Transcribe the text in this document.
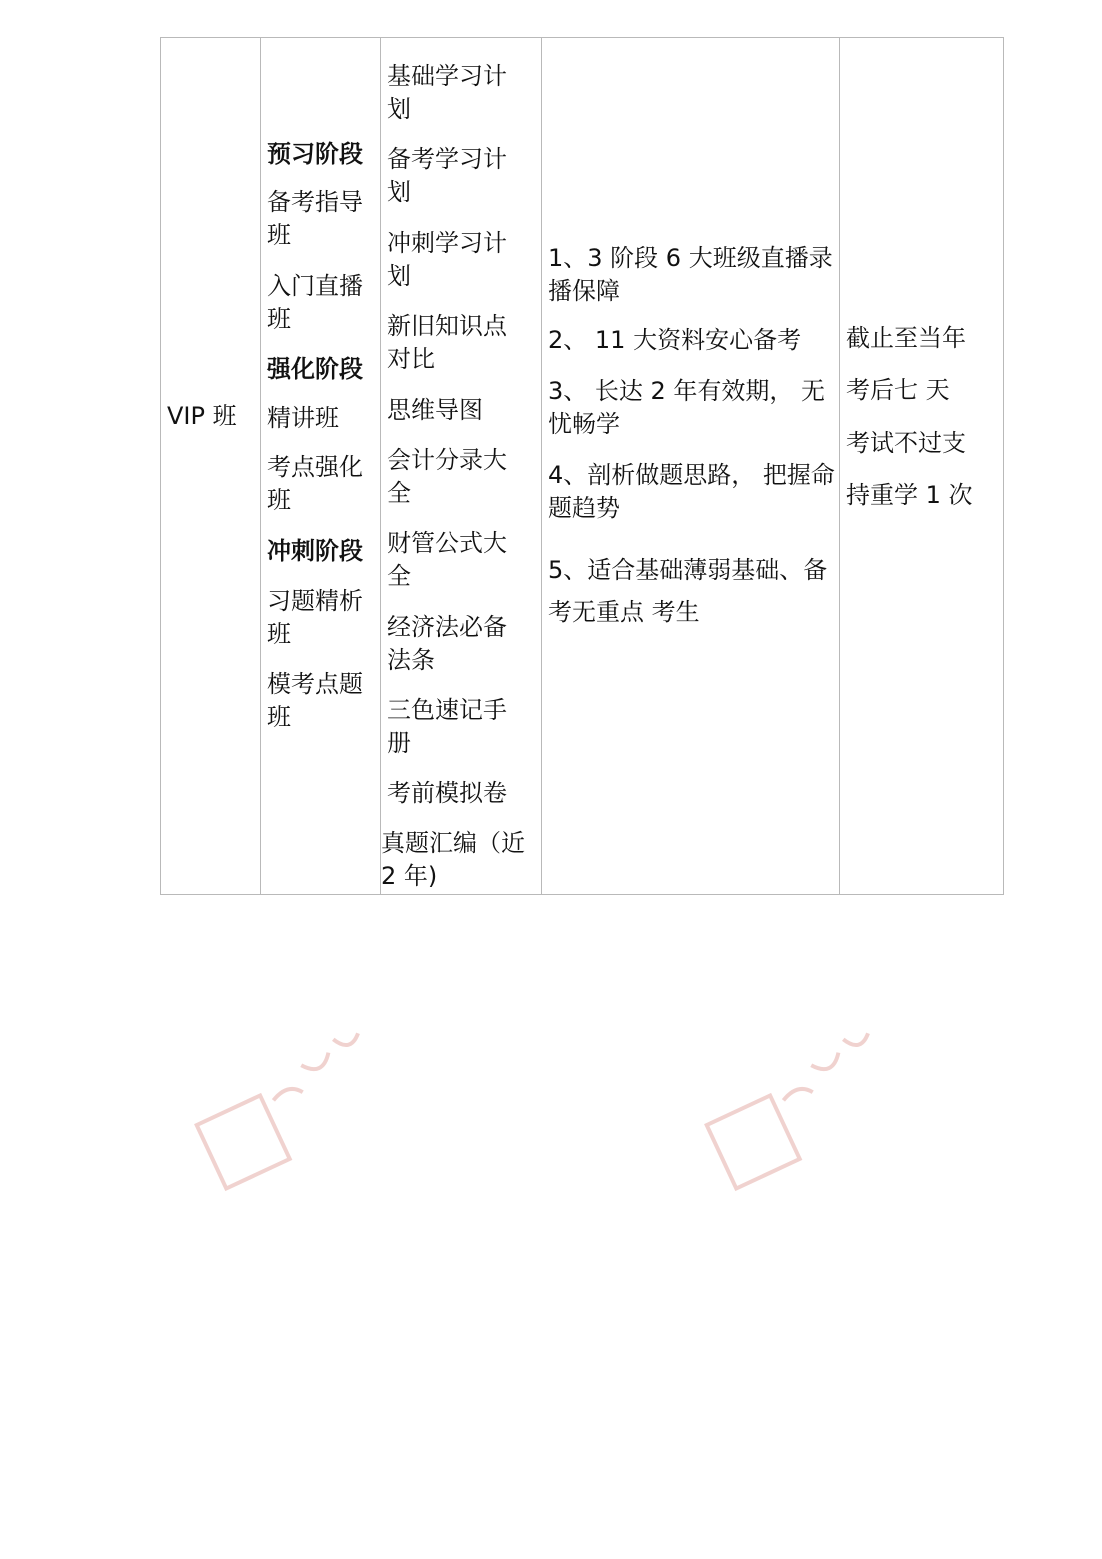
VIP 班

预习阶段
备考指导班
入门直播班
强化阶段
精讲班
考点强化班
冲刺阶段
习题精析班
模考点题班

基础学习计划
备考学习计划
冲刺学习计划
新旧知识点对比
思维导图
会计分录大全
财管公式大全
经济法必备法条
三色速记手册
考前模拟卷
真题汇编（近 2 年)

1、3 阶段 6 大班级直播录播保障
2、 11 大资料安心备考
3、 长达 2 年有效期， 无忧畅学
4、剖析做题思路， 把握命题趋势
5、适合基础薄弱基础、备考无重点 考生

截止至当年
考后七 天
考试不过支
持重学 1 次
